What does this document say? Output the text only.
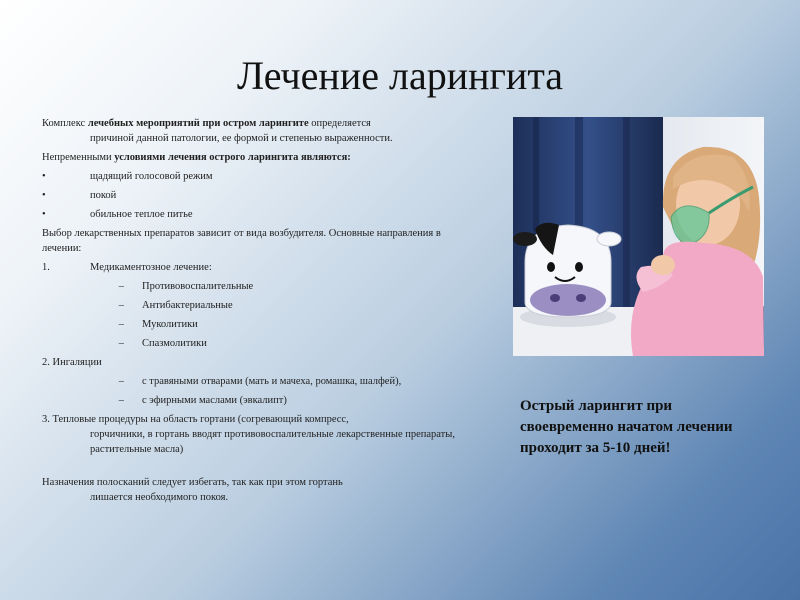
Лечение ларингита
Комплекс лечебных мероприятий при остром ларингите определяется
причиной данной патологии, ее формой и степенью выраженности.
Непременными условиями лечения острого ларингита являются:
•	щадящий голосовой режим
•	покой
•	обильное теплое питье
Выбор лекарственных препаратов зависит от вида возбудителя. Основные направления в лечении:
1.	Медикаментозное лечение:
–	Противовоспалительные
–	Антибактериальные
–	Муколитики
–	Спазмолитики
2. Ингаляции
–	с травяными отварами (мать и мачеха, ромашка, шалфей),
–	с эфирными маслами (эвкалипт)
3. Тепловые процедуры на область гортани (согревающий компресс,
горчичники, в гортань вводят противовоспалительные лекарственные препараты, растительные масла)
Назначения полосканий следует избегать, так как при этом гортань
лишается необходимого покоя.
Острый ларингит при своевременно начатом лечении проходит за 5-10 дней!
